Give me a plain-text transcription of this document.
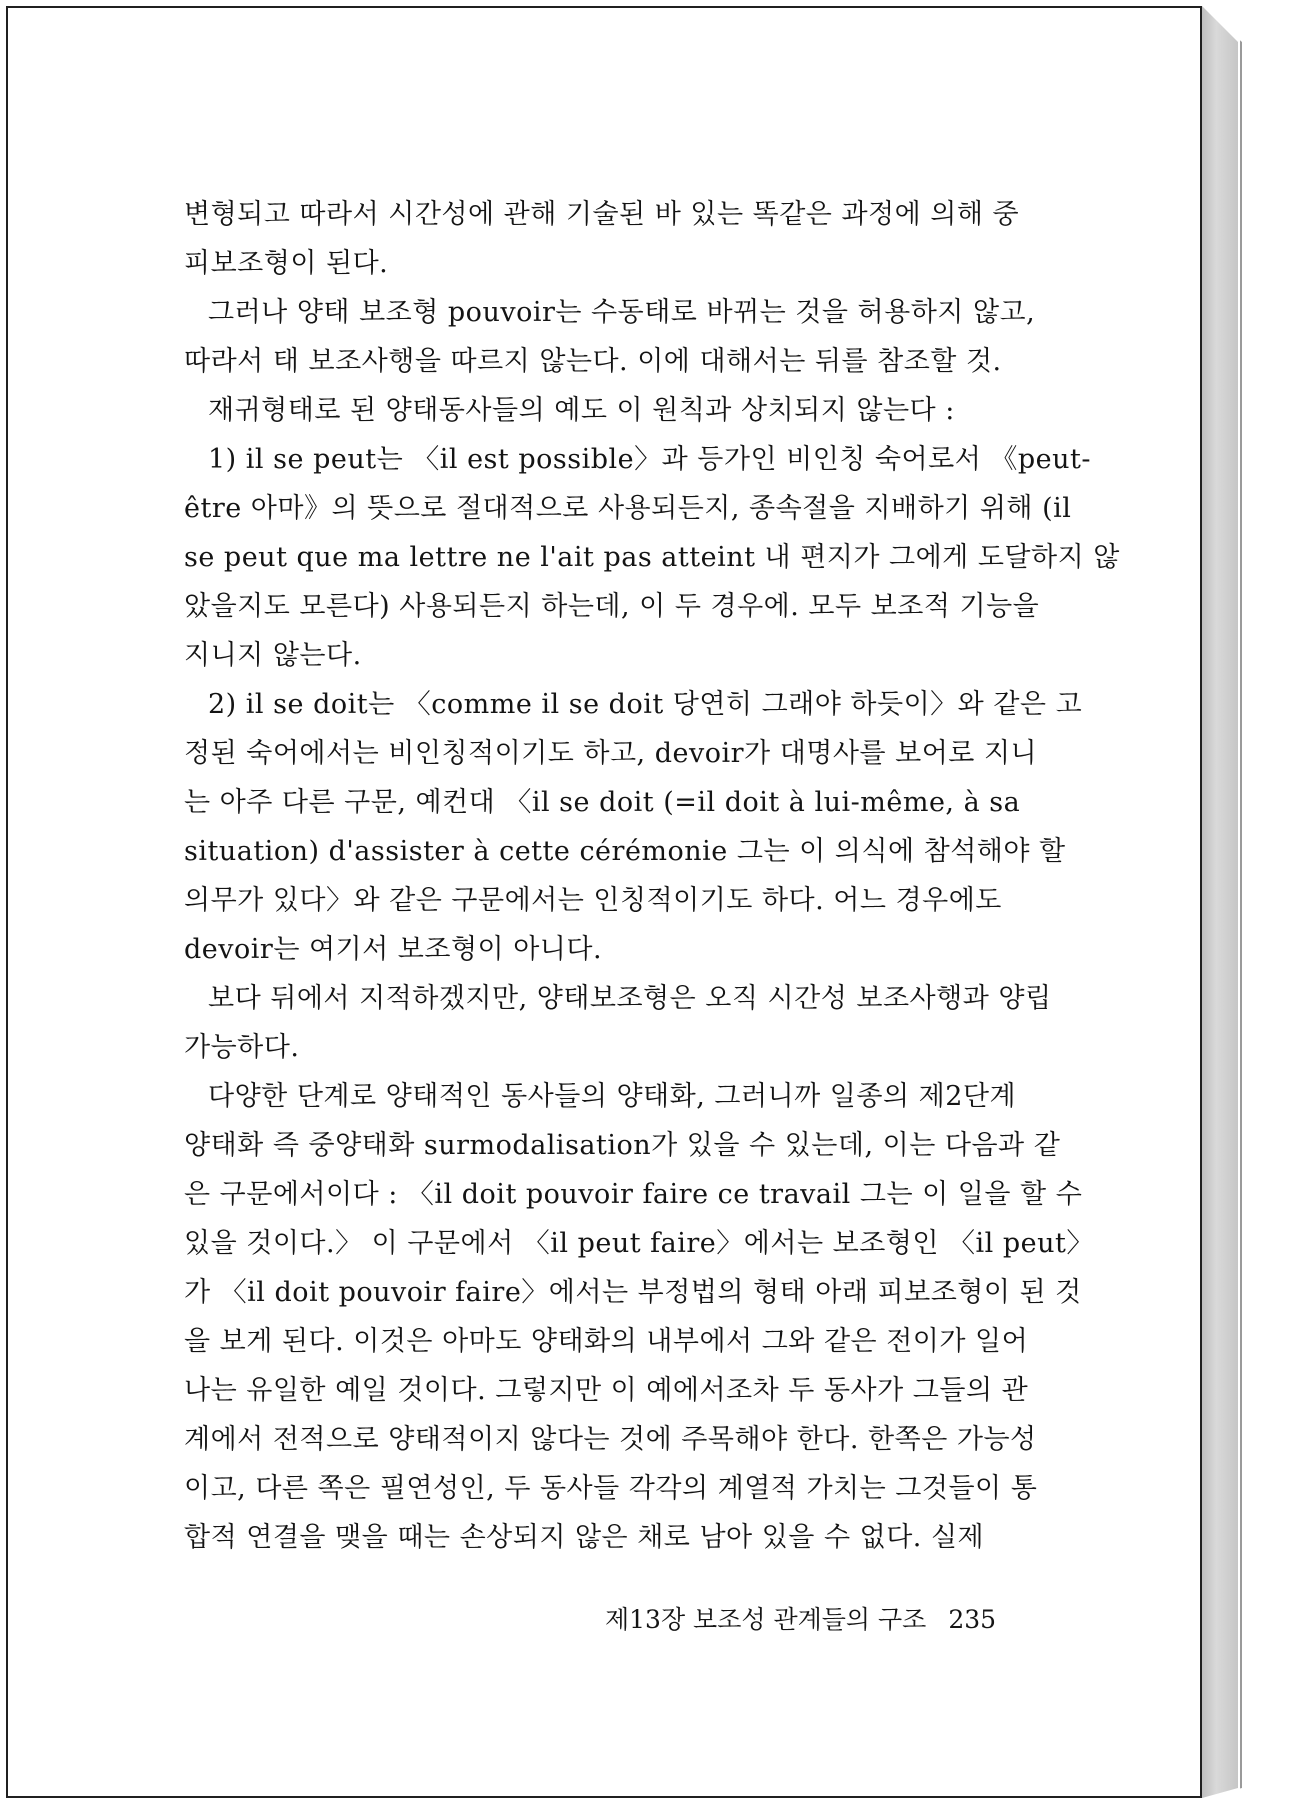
변형되고 따라서 시간성에 관해 기술된 바 있는 똑같은 과정에 의해 중
피보조형이 된다.
그러나 양태 보조형 pouvoir는 수동태로 바뀌는 것을 허용하지 않고,
따라서 태 보조사행을 따르지 않는다. 이에 대해서는 뒤를 참조할 것.
재귀형태로 된 양태동사들의 예도 이 원칙과 상치되지 않는다 :
1) il se peut는 〈il est possible〉과 등가인 비인칭 숙어로서 《peut-
être 아마》의 뜻으로 절대적으로 사용되든지, 종속절을 지배하기 위해 (il
se peut que ma lettre ne l'ait pas atteint 내 편지가 그에게 도달하지 않
았을지도 모른다) 사용되든지 하는데, 이 두 경우에. 모두 보조적 기능을
지니지 않는다.
2) il se doit는 〈comme il se doit 당연히 그래야 하듯이〉와 같은 고
정된 숙어에서는 비인칭적이기도 하고, devoir가 대명사를 보어로 지니
는 아주 다른 구문, 예컨대 〈il se doit (=il doit à lui-même, à sa
situation) d'assister à cette cérémonie 그는 이 의식에 참석해야 할
의무가 있다〉와 같은 구문에서는 인칭적이기도 하다. 어느 경우에도
devoir는 여기서 보조형이 아니다.
보다 뒤에서 지적하겠지만, 양태보조형은 오직 시간성 보조사행과 양립
가능하다.
다양한 단계로 양태적인 동사들의 양태화, 그러니까 일종의 제2단계
양태화 즉 중양태화 surmodalisation가 있을 수 있는데, 이는 다음과 같
은 구문에서이다 : 〈il doit pouvoir faire ce travail 그는 이 일을 할 수
있을 것이다.〉 이 구문에서 〈il peut faire〉에서는 보조형인 〈il peut〉
가 〈il doit pouvoir faire〉에서는 부정법의 형태 아래 피보조형이 된 것
을 보게 된다. 이것은 아마도 양태화의 내부에서 그와 같은 전이가 일어
나는 유일한 예일 것이다. 그렇지만 이 예에서조차 두 동사가 그들의 관
계에서 전적으로 양태적이지 않다는 것에 주목해야 한다. 한쪽은 가능성
이고, 다른 쪽은 필연성인, 두 동사들 각각의 계열적 가치는 그것들이 통
합적 연결을 맺을 때는 손상되지 않은 채로 남아 있을 수 없다. 실제
제13장 보조성 관계들의 구조 235
